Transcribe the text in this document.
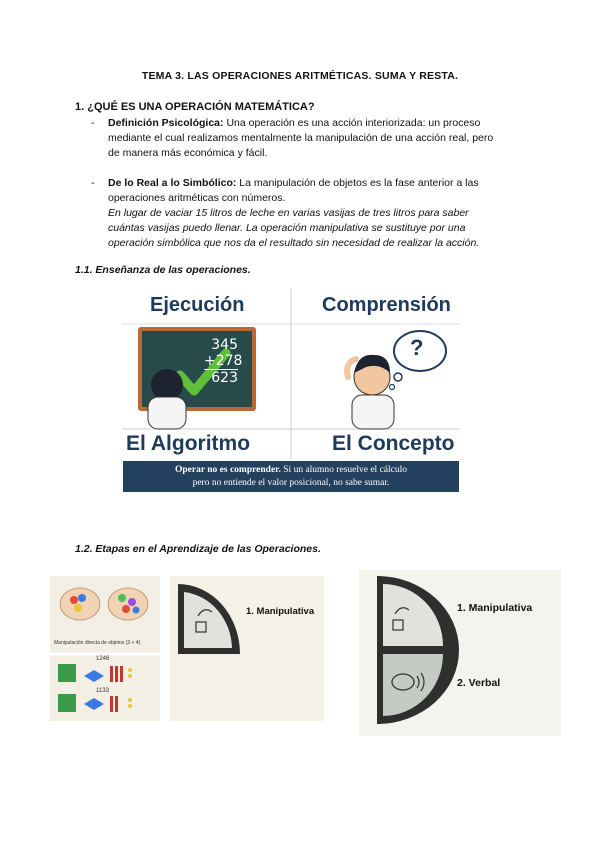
TEMA 3. LAS OPERACIONES ARITMÉTICAS. SUMA Y RESTA.
1. ¿QUÉ ES UNA OPERACIÓN MATEMÁTICA?
- Definición Psicológica: Una operación es una acción interiorizada: un proceso
mediante el cual realizamos mentalmente la manipulación de una acción real, pero
de manera más económica y fácil.
- De lo Real a lo Simbólico: La manipulación de objetos es la fase anterior a las
operaciones aritméticas con números.
En lugar de vaciar 15 litros de leche en varias vasijas de tres litros para saber
cuántas vasijas puedo llenar. La operación manipulativa se sustituye por una
operación simbólica que nos da el resultado sin necesidad de realizar la acción.
1.1. Enseñanza de las operaciones.
Ejecución	Comprensión
345
+278
623
?
El Algoritmo	El Concepto
Operar no es comprender. Si un alumno resuelve el cálculo
pero no entiende el valor posicional, no sabe sumar.
1.2. Etapas en el Aprendizaje de las Operaciones.
Manipulación directa de objetos (3 + 4)
1246
1133
1. Manipulativa	1. Manipulativa
2. Verbal
